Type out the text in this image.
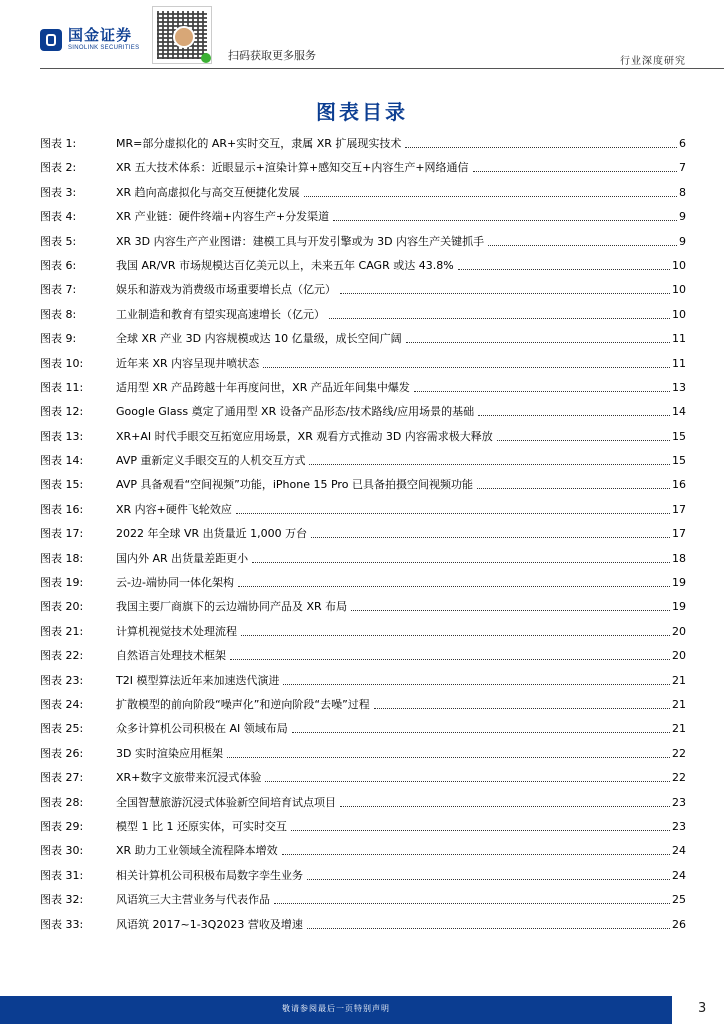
国金证券
SINOLINK SECURITIES
扫码获取更多服务	行业深度研究
图表目录
图表 1:	MR=部分虚拟化的 AR+实时交互，隶属 XR 扩展现实技术	6
图表 2:	XR 五大技术体系：近眼显示+渲染计算+感知交互+内容生产+网络通信	7
图表 3:	XR 趋向高虚拟化与高交互便捷化发展	8
图表 4:	XR 产业链：硬件终端+内容生产+分发渠道	9
图表 5:	XR 3D 内容生产产业图谱：建模工具与开发引擎或为 3D 内容生产关键抓手	9
图表 6:	我国 AR/VR 市场规模达百亿美元以上，未来五年 CAGR 或达 43.8%	10
图表 7:	娱乐和游戏为消费级市场重要增长点（亿元）	10
图表 8:	工业制造和教育有望实现高速增长（亿元）	10
图表 9:	全球 XR 产业 3D 内容规模或达 10 亿量级，成长空间广阔	11
图表 10:	近年来 XR 内容呈现井喷状态	11
图表 11:	适用型 XR 产品跨越十年再度问世，XR 产品近年间集中爆发	13
图表 12:	Google Glass 奠定了通用型 XR 设备产品形态/技术路线/应用场景的基础	14
图表 13:	XR+AI 时代手眼交互拓宽应用场景，XR 观看方式推动 3D 内容需求极大释放	15
图表 14:	AVP 重新定义手眼交互的人机交互方式	15
图表 15:	AVP 具备观看“空间视频”功能，iPhone 15 Pro 已具备拍摄空间视频功能	16
图表 16:	XR 内容+硬件飞轮效应	17
图表 17:	2022 年全球 VR 出货量近 1,000 万台	17
图表 18:	国内外 AR 出货量差距更小	18
图表 19:	云-边-端协同一体化架构	19
图表 20:	我国主要厂商旗下的云边端协同产品及 XR 布局	19
图表 21:	计算机视觉技术处理流程	20
图表 22:	自然语言处理技术框架	20
图表 23:	T2I 模型算法近年来加速迭代演进	21
图表 24:	扩散模型的前向阶段“噪声化”和逆向阶段“去噪”过程	21
图表 25:	众多计算机公司积极在 AI 领域布局	21
图表 26:	3D 实时渲染应用框架	22
图表 27:	XR+数字文旅带来沉浸式体验	22
图表 28:	全国智慧旅游沉浸式体验新空间培育试点项目	23
图表 29:	模型 1 比 1 还原实体，可实时交互	23
图表 30:	XR 助力工业领域全流程降本增效	24
图表 31:	相关计算机公司积极布局数字孪生业务	24
图表 32:	风语筑三大主营业务与代表作品	25
图表 33:	风语筑 2017~1-3Q2023 营收及增速	26
敬请参阅最后一页特别声明	3
